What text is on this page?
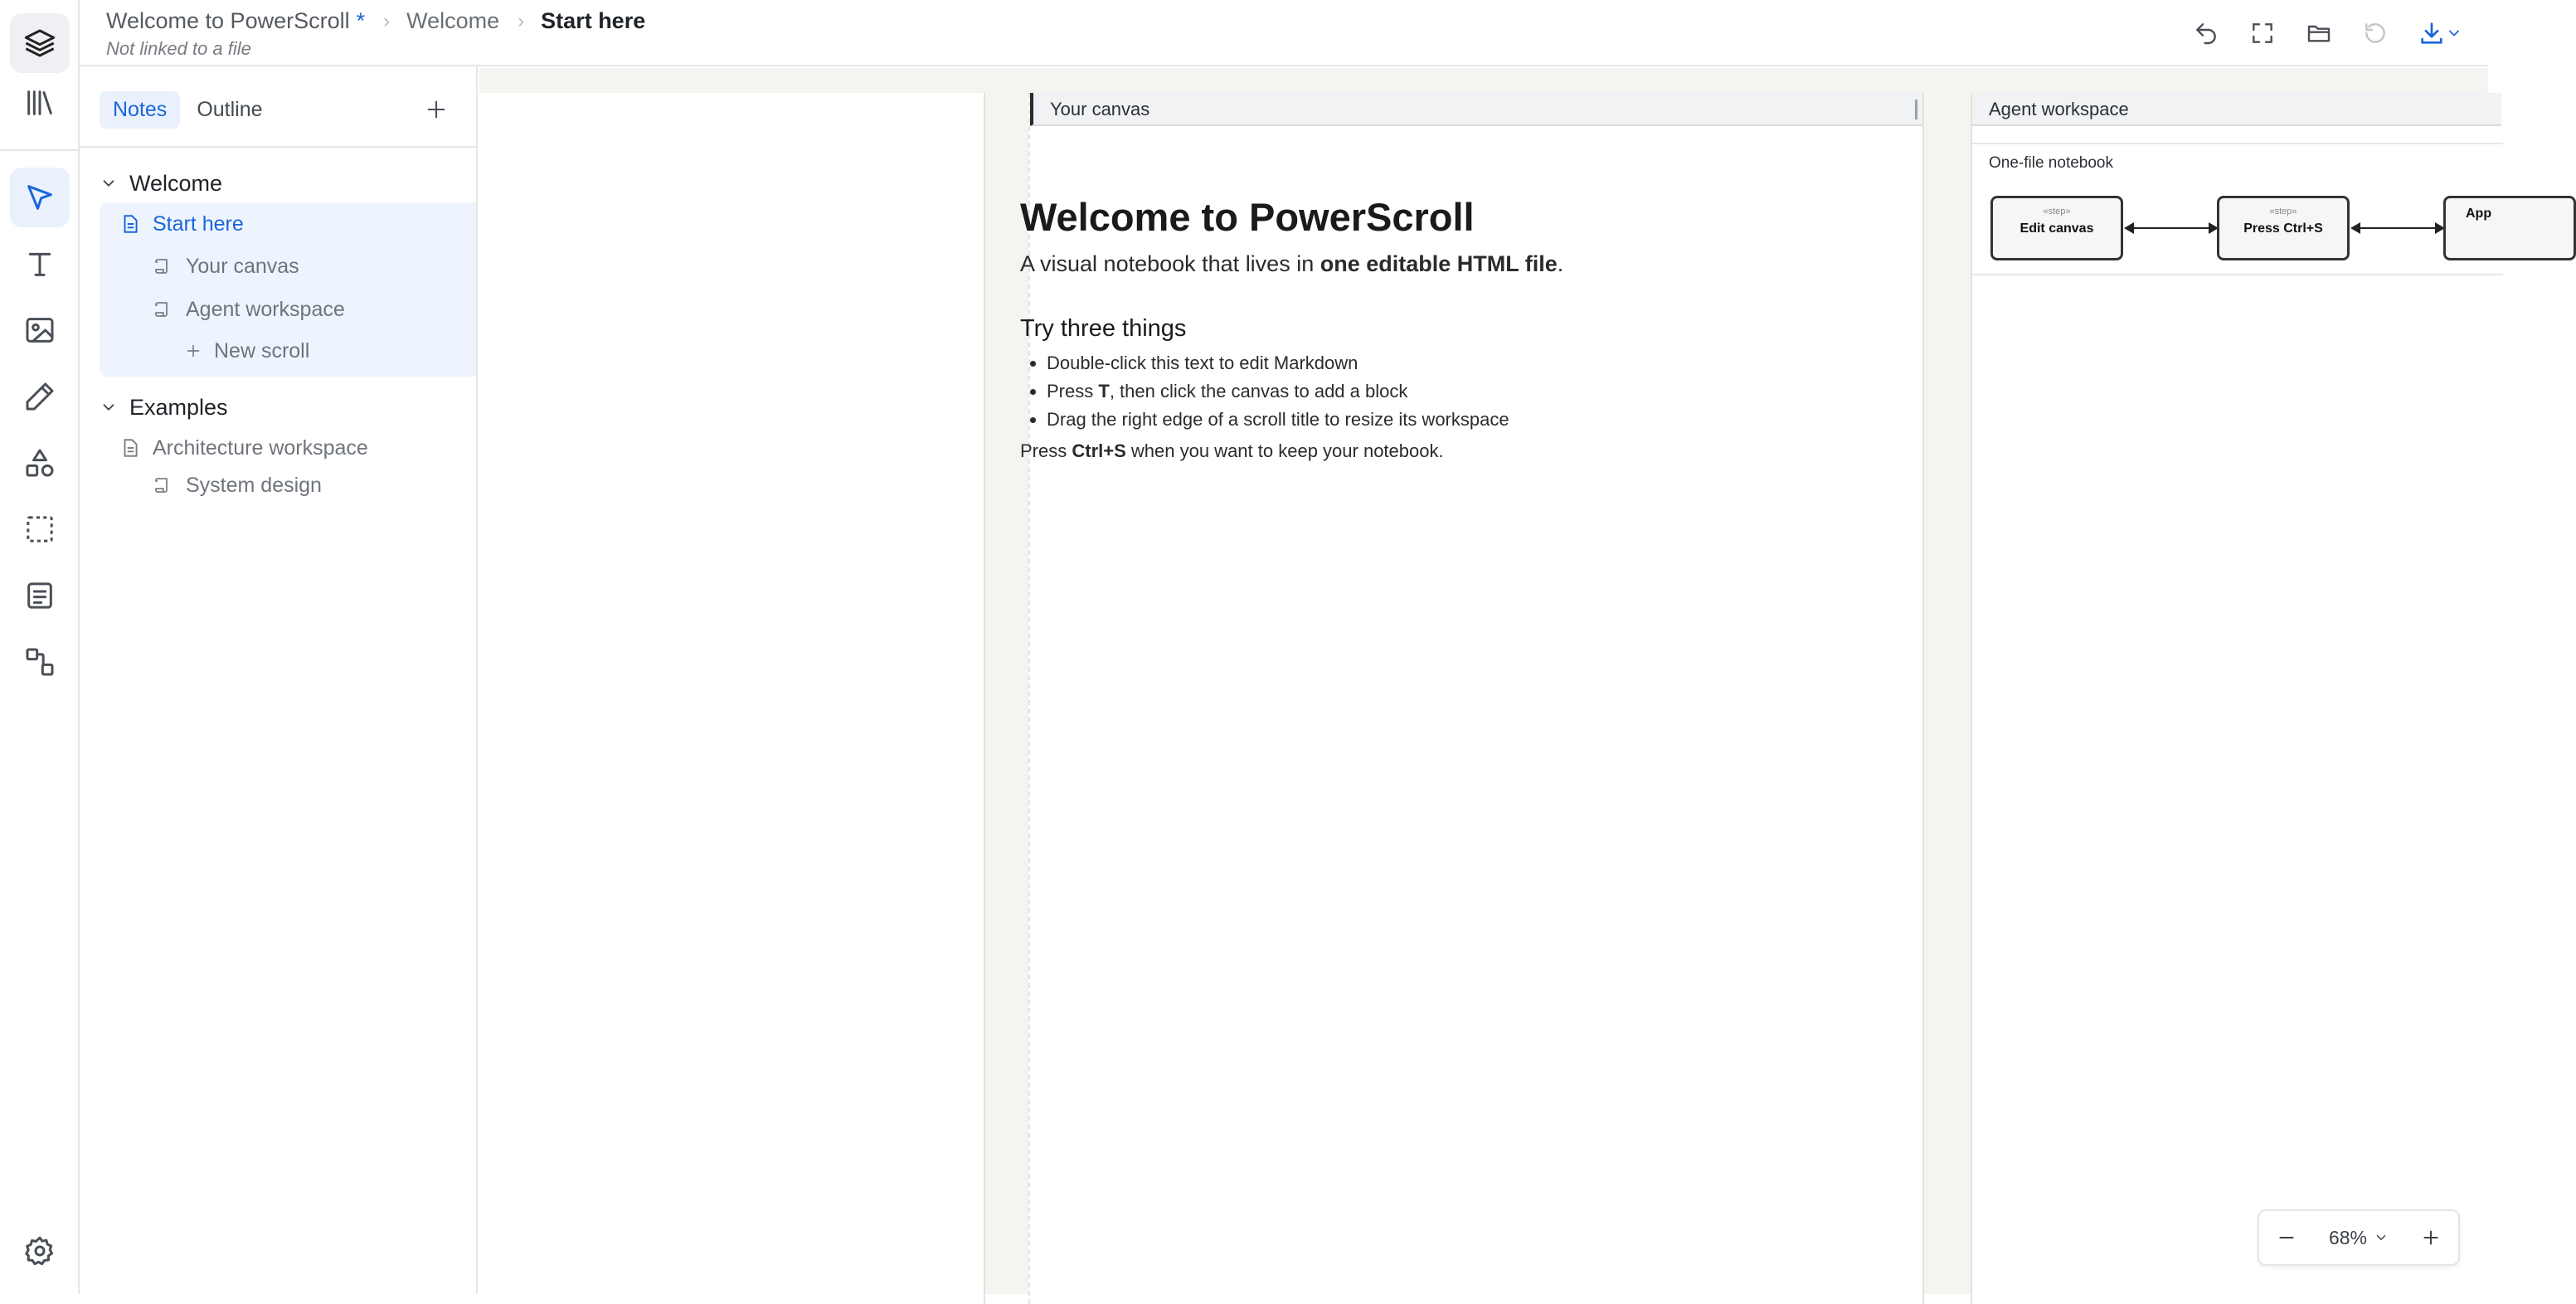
Welcome to PowerScroll * › Welcome › Start here
Not linked to a file
Notes	Outline
Welcome
Start here
Your canvas
Agent workspace
New scroll
Examples
Architecture workspace
System design
Your canvas
Welcome to PowerScroll
A visual notebook that lives in one editable HTML file.
Try three things
• Double-click this text to edit Markdown
• Press T, then click the canvas to add a block
• Drag the right edge of a scroll title to resize its workspace

Press Ctrl+S when you want to keep your notebook.

Agent workspace
One-file notebook
«step»
Edit canvas
«step»
Press Ctrl+S
App
68%
